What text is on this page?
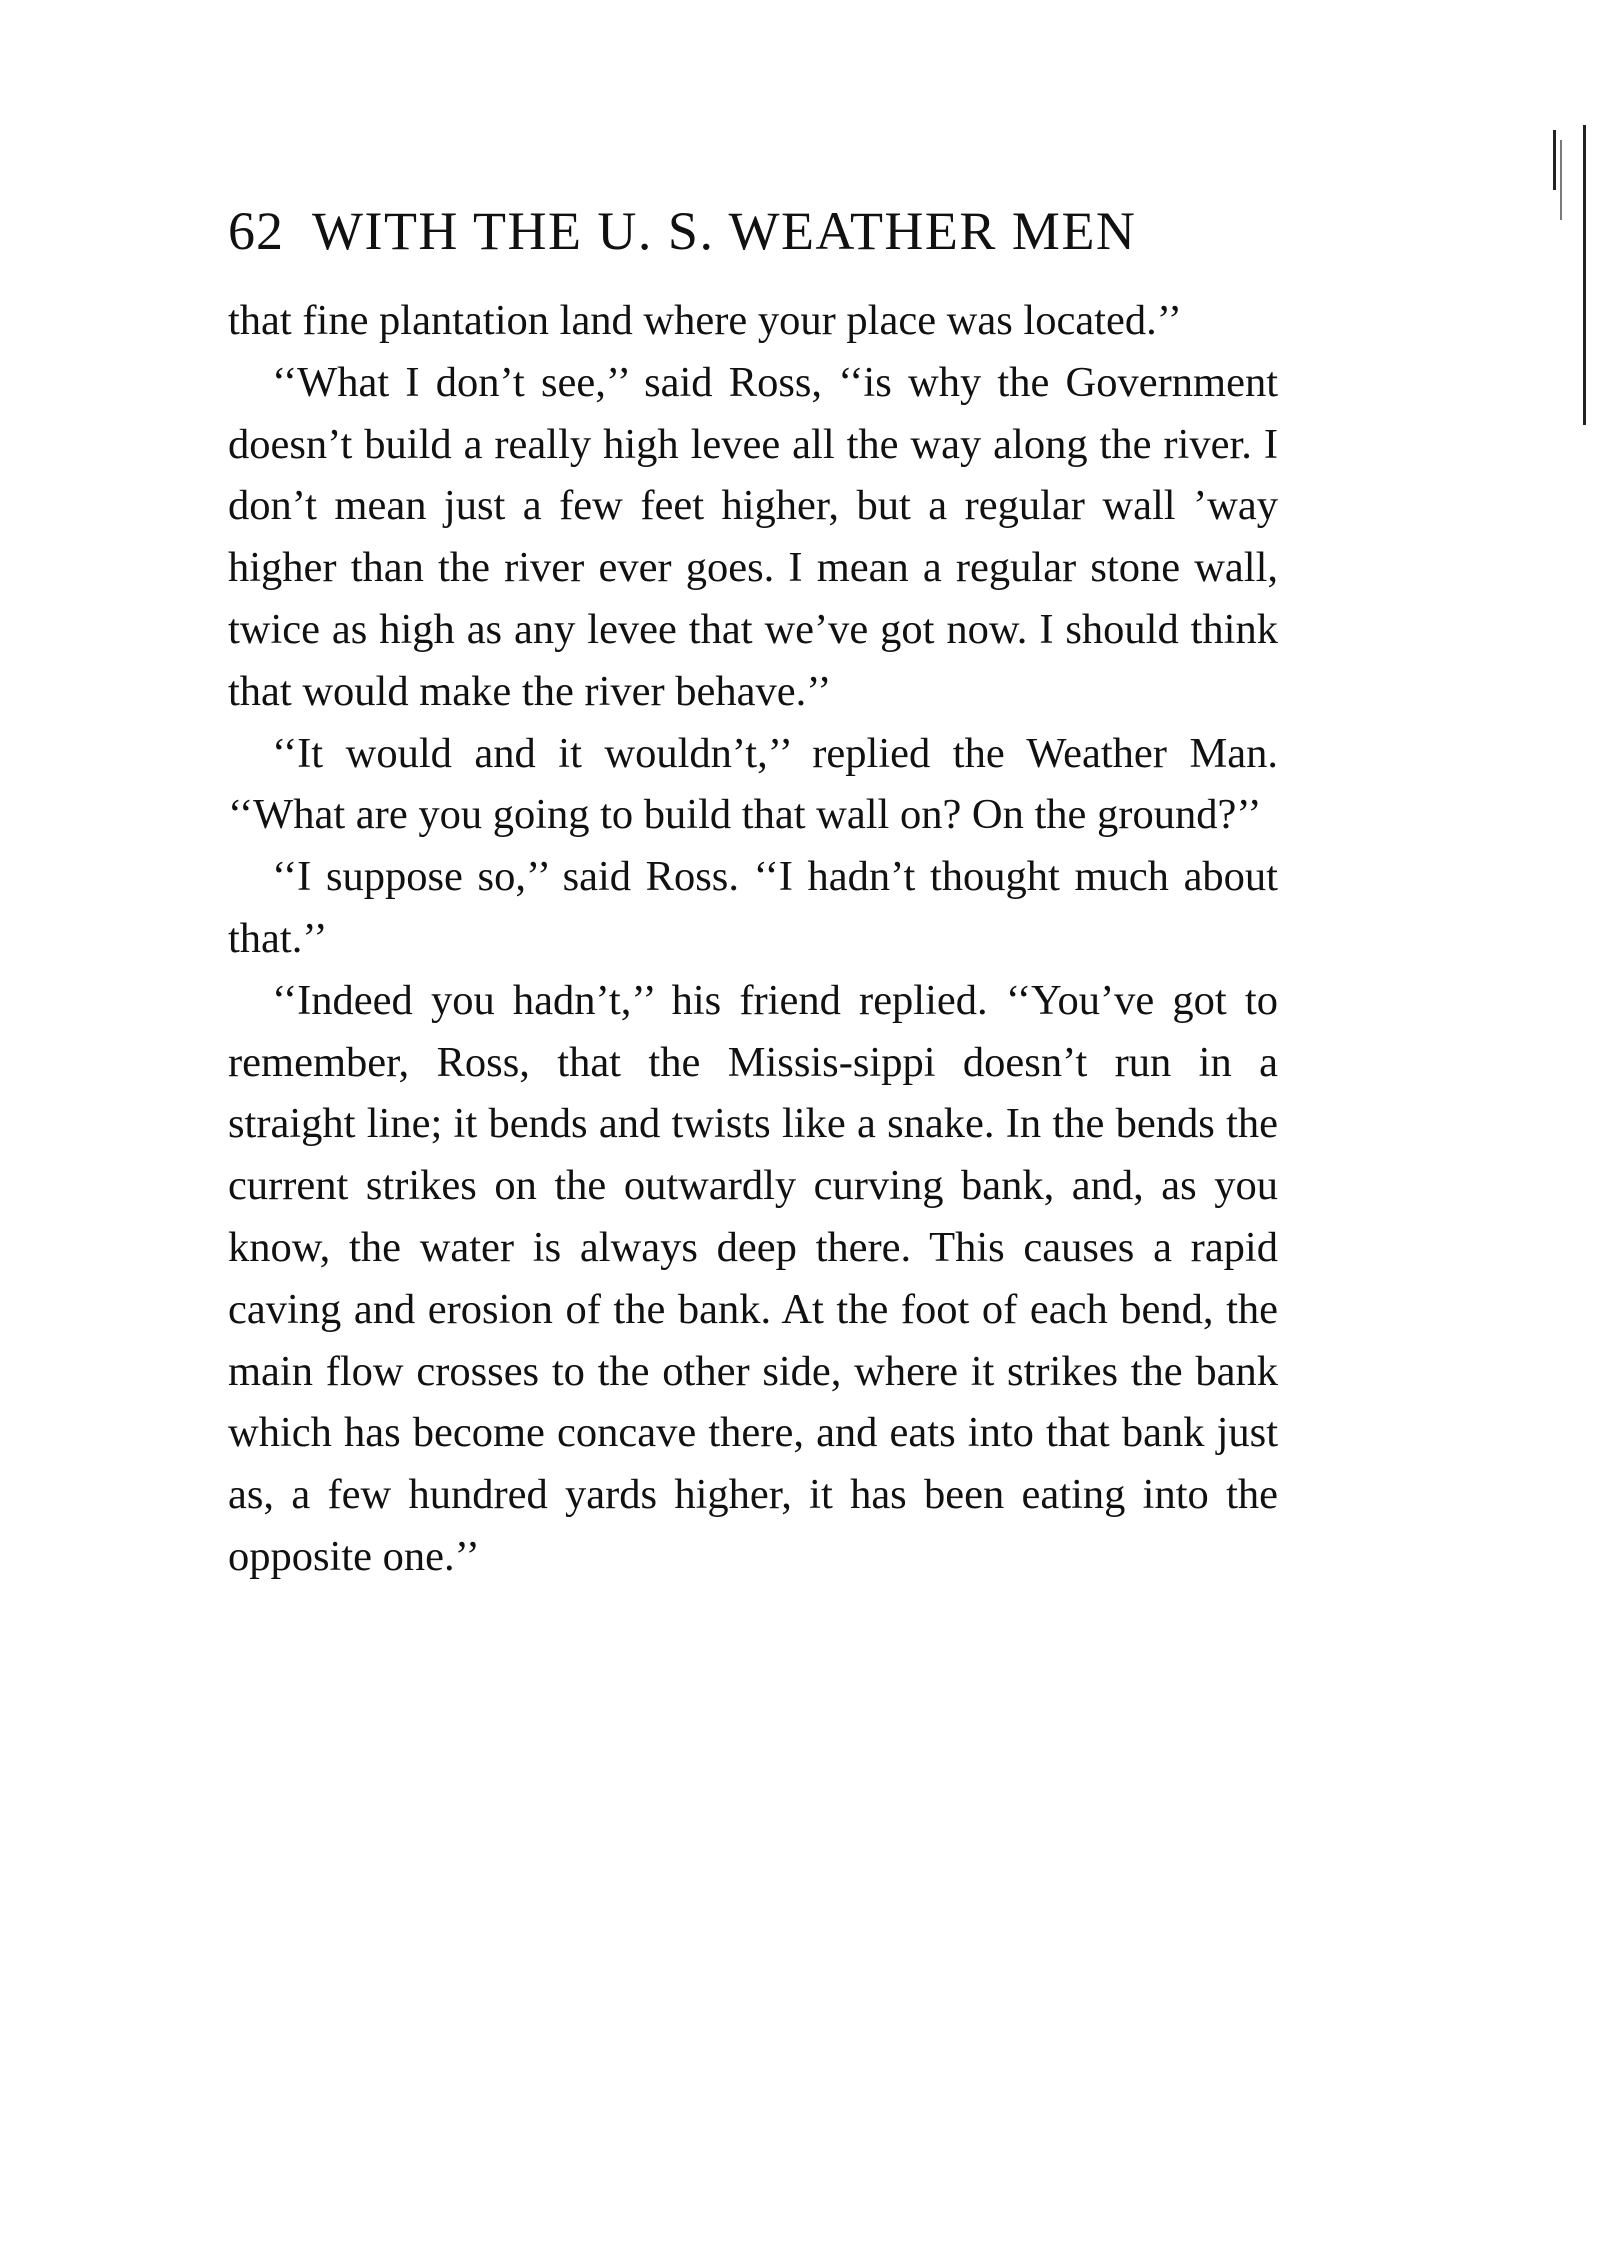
62 WITH THE U. S. WEATHER MEN

that fine plantation land where your place was located.’’

‘‘What I don’t see,’’ said Ross, ‘‘is why the Government doesn’t build a really high levee all the way along the river. I don’t mean just a few feet higher, but a regular wall ’way higher than the river ever goes. I mean a regular stone wall, twice as high as any levee that we’ve got now. I should think that would make the river behave.’’

‘‘It would and it wouldn’t,’’ replied the Weather Man. ‘‘What are you going to build that wall on? On the ground?’’

‘‘I suppose so,’’ said Ross. ‘‘I hadn’t thought much about that.’’

‘‘Indeed you hadn’t,’’ his friend replied. ‘‘You’ve got to remember, Ross, that the Missis-sippi doesn’t run in a straight line; it bends and twists like a snake. In the bends the current strikes on the outwardly curving bank, and, as you know, the water is always deep there. This causes a rapid caving and erosion of the bank. At the foot of each bend, the main flow crosses to the other side, where it strikes the bank which has become concave there, and eats into that bank just as, a few hundred yards higher, it has been eating into the opposite one.’’
